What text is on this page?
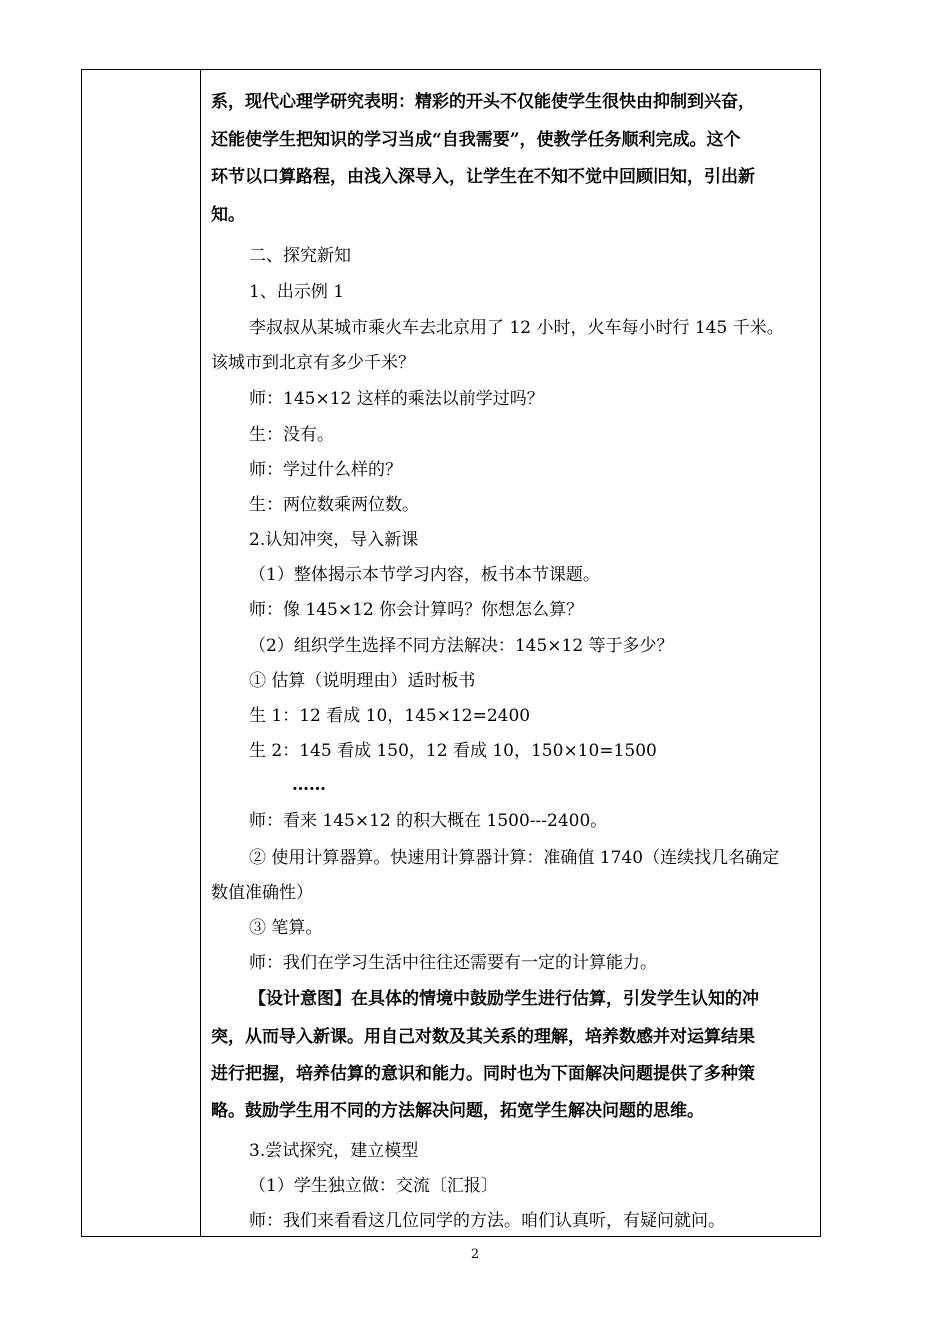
系，现代心理学研究表明：精彩的开头不仅能使学生很快由抑制到兴奋，
还能使学生把知识的学习当成“自我需要”，使教学任务顺利完成。这个
环节以口算路程，由浅入深导入，让学生在不知不觉中回顾旧知，引出新
知。
二、探究新知
1、出示例 1
李叔叔从某城市乘火车去北京用了 12 小时，火车每小时行 145 千米。
该城市到北京有多少千米？
师：145×12 这样的乘法以前学过吗？
生：没有。
师：学过什么样的？
生：两位数乘两位数。
2.认知冲突，导入新课
（1）整体揭示本节学习内容，板书本节课题。
师：像 145×12 你会计算吗？你想怎么算？
（2）组织学生选择不同方法解决：145×12 等于多少？
① 估算（说明理由）适时板书
生 1：12 看成 10，145×12=2400
生 2：145 看成 150，12 看成 10，150×10=1500
……
师：看来 145×12 的积大概在 1500---2400。
② 使用计算器算。快速用计算器计算：准确值 1740（连续找几名确定
数值准确性）
③ 笔算。
师：我们在学习生活中往往还需要有一定的计算能力。
【设计意图】在具体的情境中鼓励学生进行估算，引发学生认知的冲
突，从而导入新课。用自己对数及其关系的理解，培养数感并对运算结果
进行把握，培养估算的意识和能力。同时也为下面解决问题提供了多种策
略。鼓励学生用不同的方法解决问题，拓宽学生解决问题的思维。
3.尝试探究，建立模型
（1）学生独立做：交流〔汇报〕
师：我们来看看这几位同学的方法。咱们认真听，有疑问就问。
2
